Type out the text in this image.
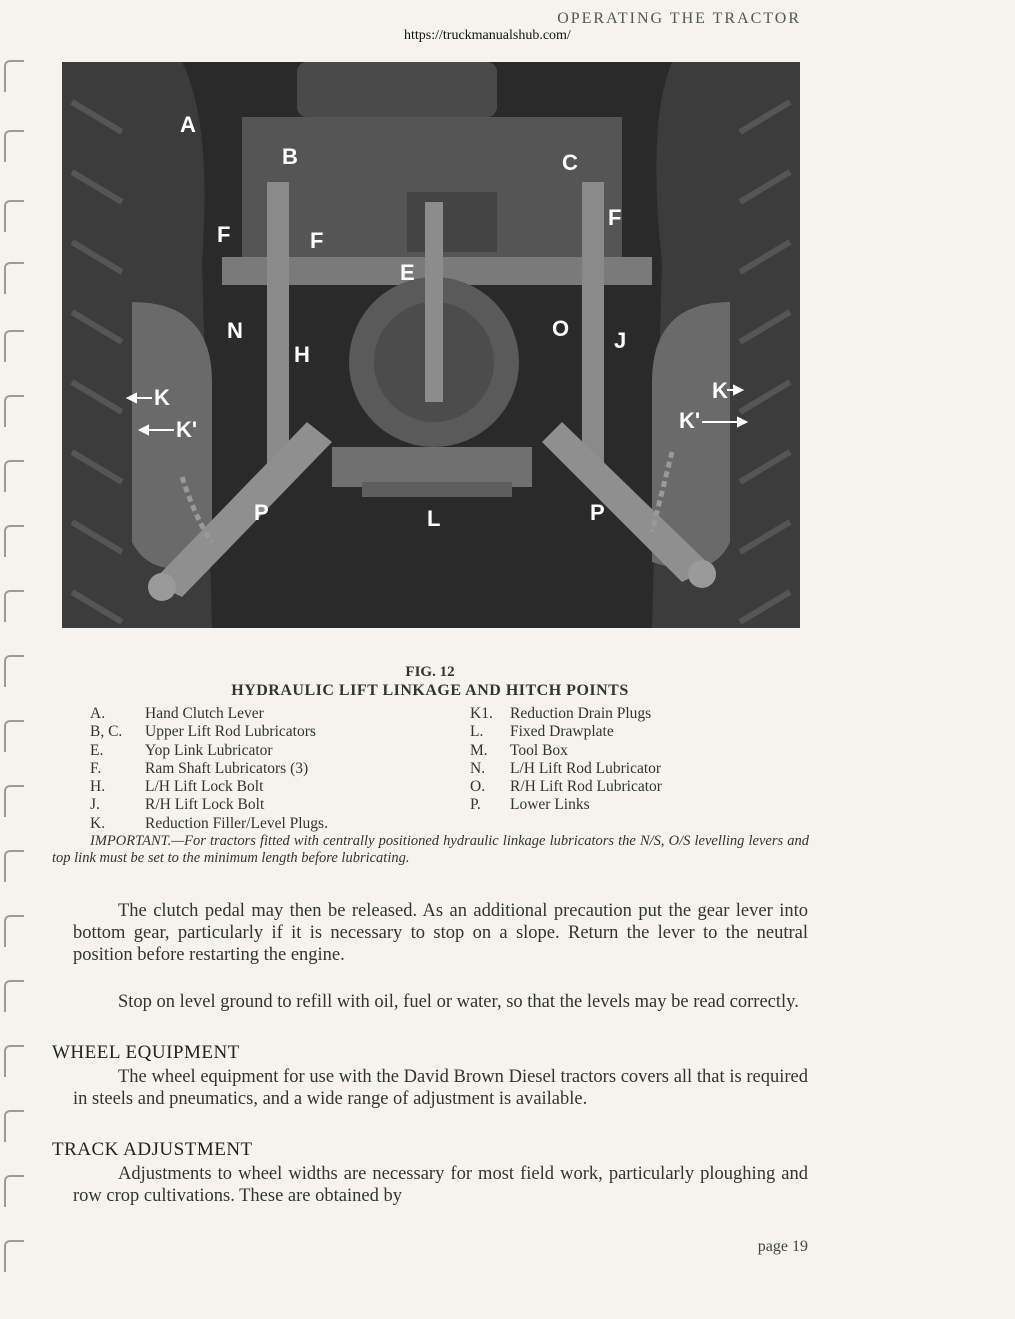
OPERATING THE TRACTOR
https://truckmanualshub.com/
A
B	C
F	F
F
E
N
H
O J
K
K'
K
K'
P	L	P
FIG. 12
HYDRAULIC LIFT LINKAGE AND HITCH POINTS
A.	Hand Clutch Lever
B, C.	Upper Lift Rod Lubricators
E.	Yop Link Lubricator
F.	Ram Shaft Lubricators (3)
H.	L/H Lift Lock Bolt
J.	R/H Lift Lock Bolt
K.	Reduction Filler/Level Plugs.
K1.	Reduction Drain Plugs
L.	Fixed Drawplate
M.	Tool Box
N.	L/H Lift Rod Lubricator
O.	R/H Lift Rod Lubricator
P.	Lower Links
IMPORTANT.—For tractors fitted with centrally positioned hydraulic linkage lubricators the N/S, O/S levelling levers and top link must be set to the minimum length before lubricating.

The clutch pedal may then be released. As an additional precaution put the gear lever into bottom gear, particularly if it is necessary to stop on a slope. Return the lever to the neutral position before restarting the engine.

Stop on level ground to refill with oil, fuel or water, so that the levels may be read correctly.

WHEEL EQUIPMENT

The wheel equipment for use with the David Brown Diesel tractors covers all that is required in steels and pneumatics, and a wide range of adjustment is available.

TRACK ADJUSTMENT

Adjustments to wheel widths are necessary for most field work, particularly ploughing and row crop cultivations. These are obtained by

page 19
